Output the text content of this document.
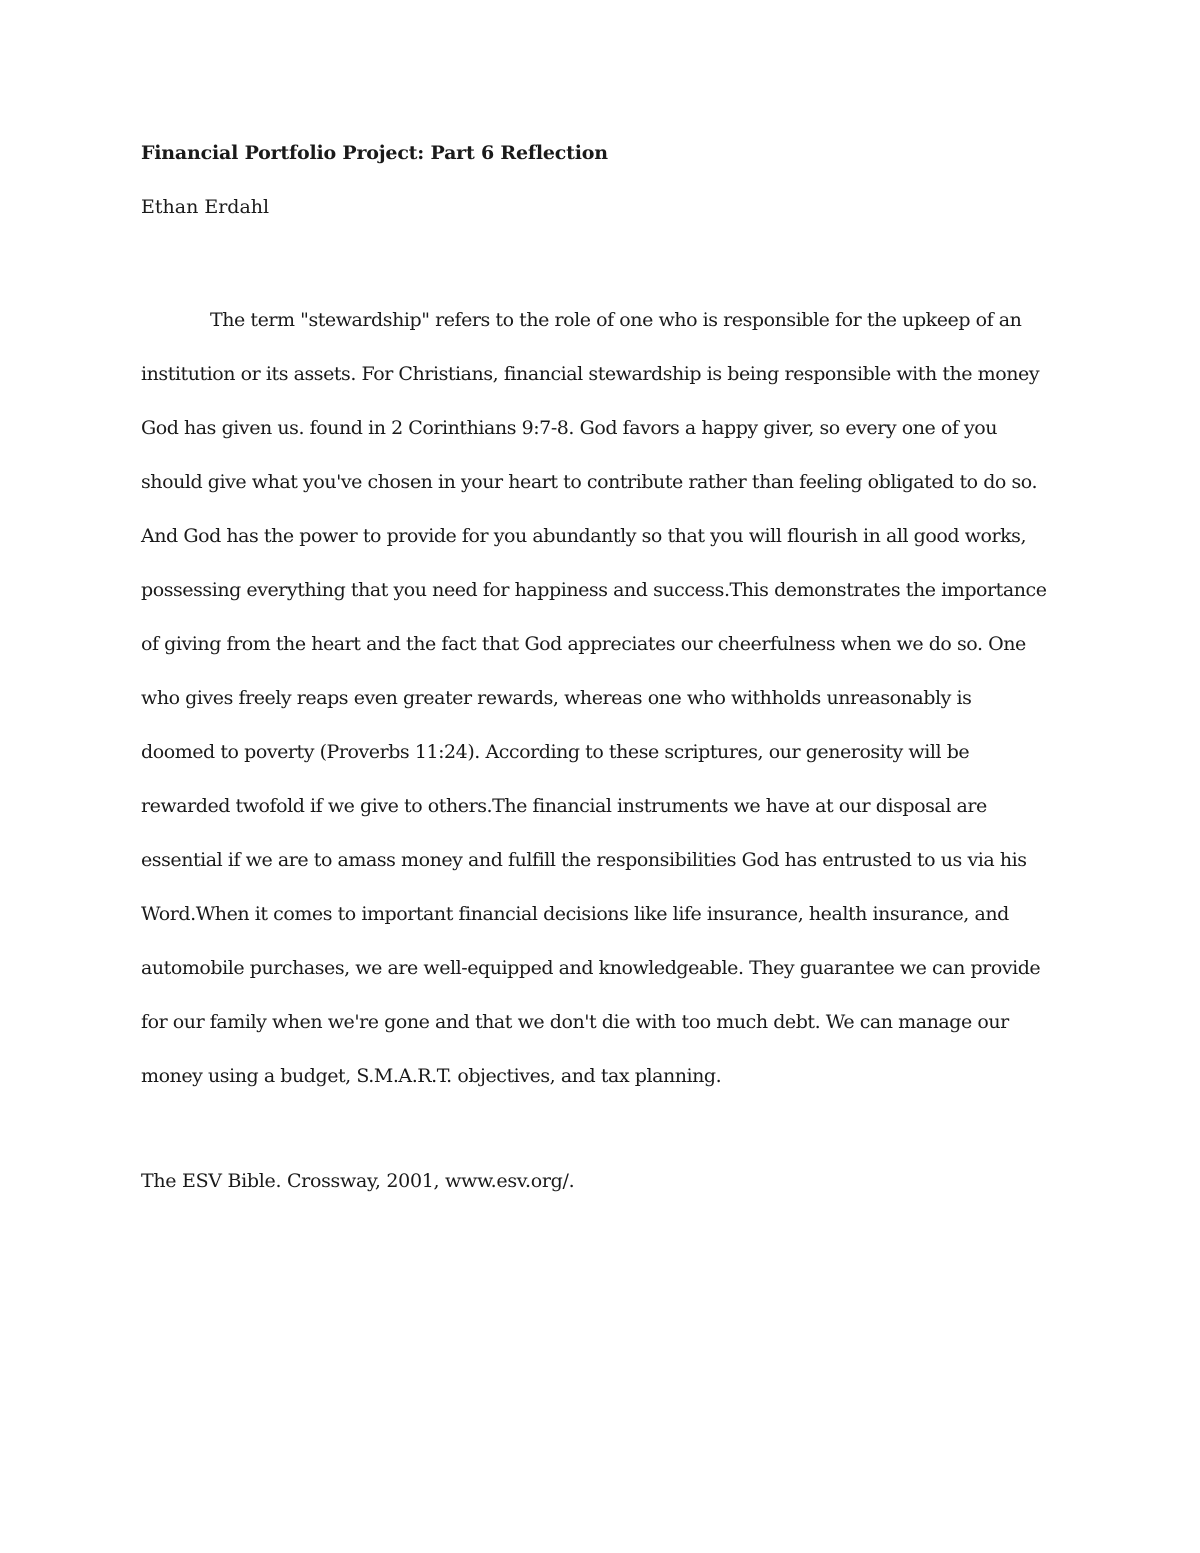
Financial Portfolio Project: Part 6 Reflection
Ethan Erdahl
The term "stewardship" refers to the role of one who is responsible for the upkeep of an
institution or its assets. For Christians, financial stewardship is being responsible with the money
God has given us. found in 2 Corinthians 9:7-8. God favors a happy giver, so every one of you
should give what you've chosen in your heart to contribute rather than feeling obligated to do so.
And God has the power to provide for you abundantly so that you will flourish in all good works,
possessing everything that you need for happiness and success.This demonstrates the importance
of giving from the heart and the fact that God appreciates our cheerfulness when we do so. One
who gives freely reaps even greater rewards, whereas one who withholds unreasonably is
doomed to poverty (Proverbs 11:24). According to these scriptures, our generosity will be
rewarded twofold if we give to others.The financial instruments we have at our disposal are
essential if we are to amass money and fulfill the responsibilities God has entrusted to us via his
Word.When it comes to important financial decisions like life insurance, health insurance, and
automobile purchases, we are well-equipped and knowledgeable. They guarantee we can provide
for our family when we're gone and that we don't die with too much debt. We can manage our
money using a budget, S.M.A.R.T. objectives, and tax planning.
The ESV Bible. Crossway, 2001, www.esv.org/.
